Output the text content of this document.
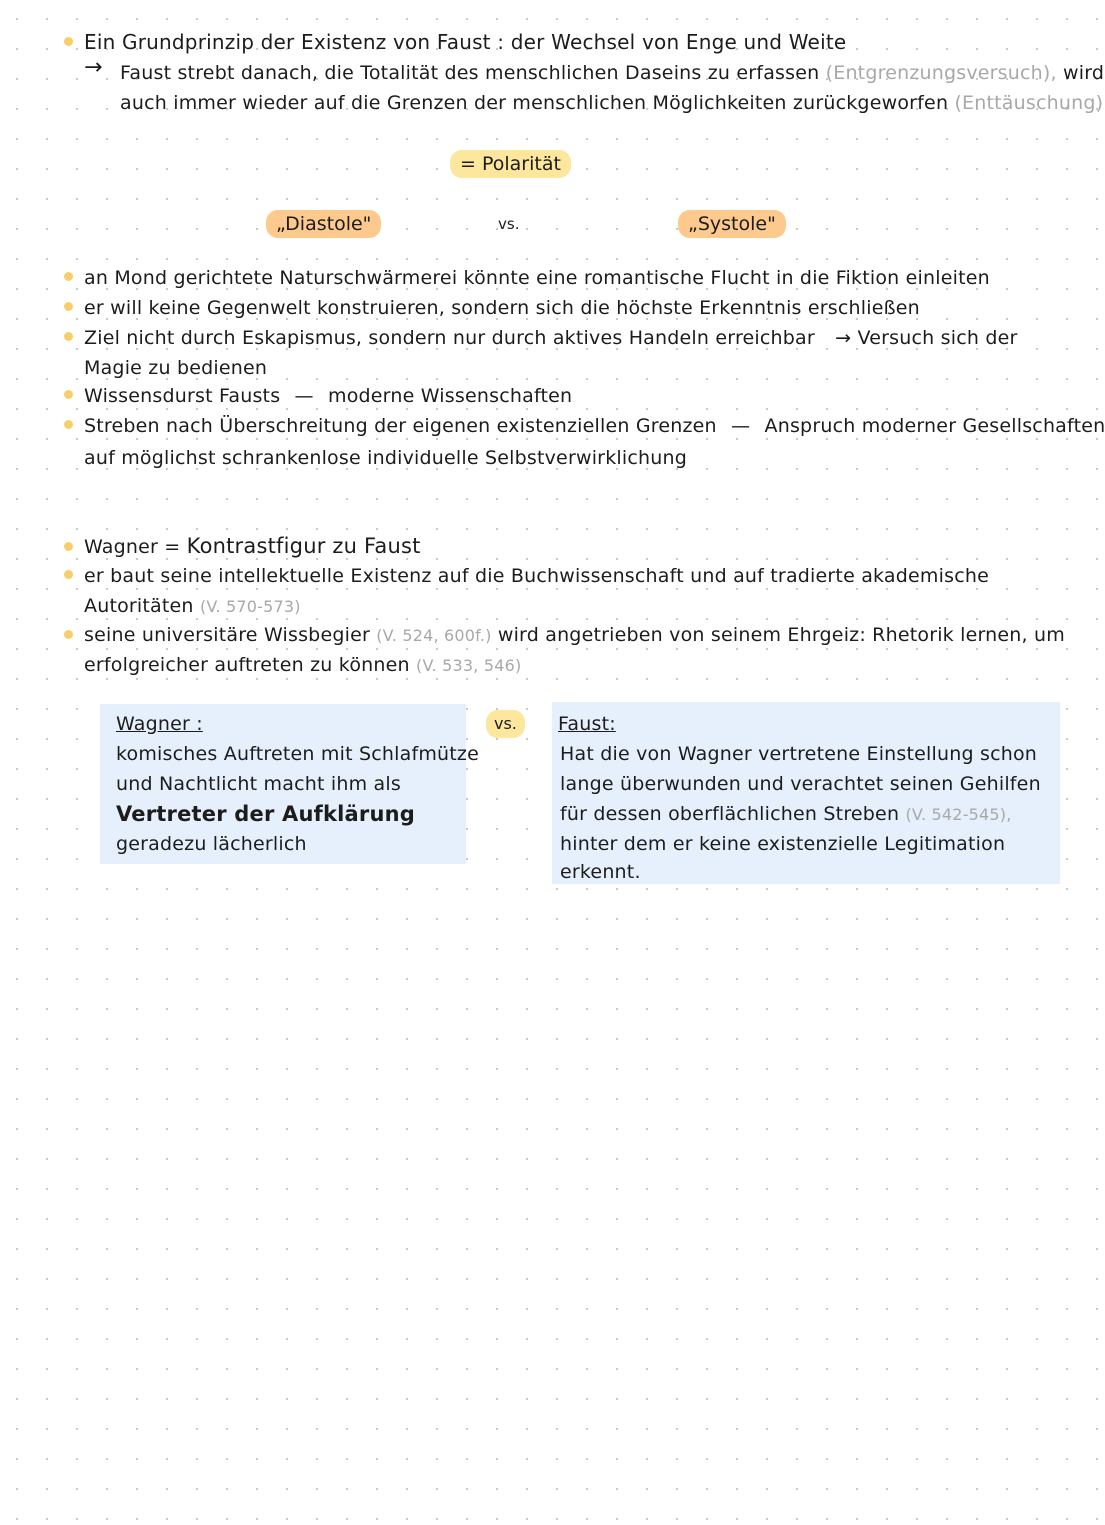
Ein Grundprinzip der Existenz von Faust : der Wechsel von Enge und Weite
→ Faust strebt danach, die Totalität des menschlichen Daseins zu erfassen (Entgrenzungsversuch), wird
auch immer wieder auf die Grenzen der menschlichen Möglichkeiten zurückgeworfen (Enttäuschung)
= Polarität
„Diastole"	vs.	„Systole"
an Mond gerichtete Naturschwärmerei könnte eine romantische Flucht in die Fiktion einleiten
er will keine Gegenwelt konstruieren, sondern sich die höchste Erkenntnis erschließen
Ziel nicht durch Eskapismus, sondern nur durch aktives Handeln erreichbar → Versuch sich der
Magie zu bedienen
Wissensdurst Fausts — moderne Wissenschaften
Streben nach Überschreitung der eigenen existenziellen Grenzen — Anspruch moderner Gesellschaften
auf möglichst schrankenlose individuelle Selbstverwirklichung
Wagner = Kontrastfigur zu Faust
er baut seine intellektuelle Existenz auf die Buchwissenschaft und auf tradierte akademische
Autoritäten (V. 570-573)
seine universitäre Wissbegier (V. 524, 600f.) wird angetrieben von seinem Ehrgeiz: Rhetorik lernen, um
erfolgreicher auftreten zu können (V. 533, 546)
Wagner :
komisches Auftreten mit Schlafmütze
und Nachtlicht macht ihm als
Vertreter der Aufklärung
geradezu lächerlich
vs.	Faust:
Hat die von Wagner vertretene Einstellung schon
lange überwunden und verachtet seinen Gehilfen
für dessen oberflächlichen Streben (V. 542-545),
hinter dem er keine existenzielle Legitimation
erkennt.
